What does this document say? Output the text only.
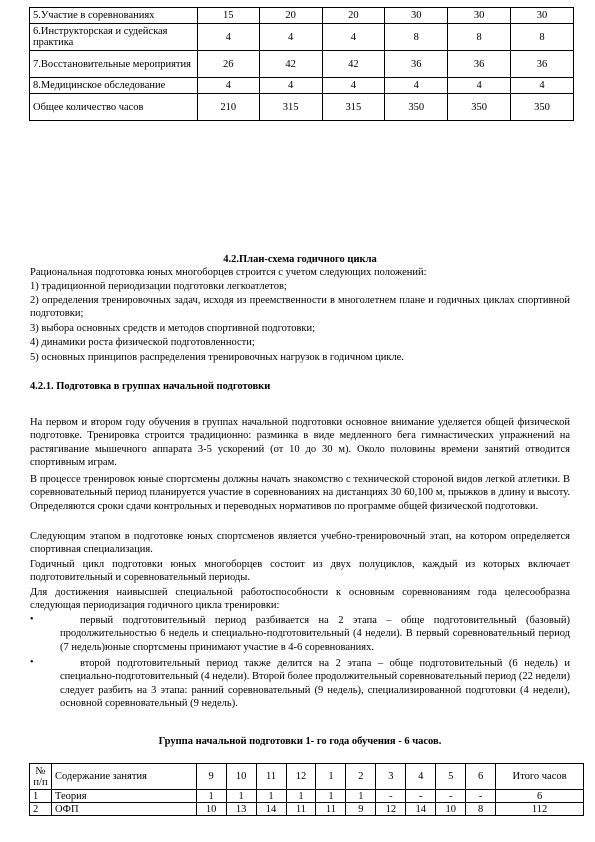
5.Участие в соревнованиях	15	20	20	30	30	30
6.Инструкторская и судейская практика	4	4	4	8	8	8
7.Восстановительные мероприятия	26	42	42	36	36	36
8.Медицинское обследование	4	4	4	4	4	4
Общее количество часов	210	315	315	350	350	350
4.2.План-схема годичного цикла
Рациональная подготовка юных многоборцев строится с учетом следующих положений:
1) традиционной периодизации подготовки легкоатлетов;
2) определения тренировочных задач, исходя из преемственности в многолетнем плане и годичных циклах спортивной подготовки;
3) выбора основных средств и методов спортивной подготовки;
4) динамики роста физической подготовленности;
5) основных принципов распределения тренировочных нагрузок в годичном цикле.
4.2.1. Подготовка в группах начальной подготовки
На первом и втором году обучения в группах начальной подготовки основное внимание уделяется общей физической подготовке. Тренировка строится традиционно: разминка в виде медленного бега гимнастических упражнений на растягивание мышечного аппарата 3-5 ускорений (от 10 до 30 м). Около половины времени занятий отводится спортивным играм.
В процессе тренировок юные спортсмены должны начать знакомство с технической стороной видов легкой атлетики. В соревновательный период планируется участие в соревнованиях на дистанциях 30 60,100 м, прыжков в длину и высоту. Определяются сроки сдачи контрольных и переводных нормативов по программе общей физической подготовки.
Следующим этапом в подготовке юных спортсменов является учебно-тренировочный этап, на котором определяется спортивная специализация.
Годичный цикл подготовки юных многоборцев состоит из двух полуциклов, каждый из которых включает подготовительный и соревновательный периоды.
Для достижения наивысшей специальной работоспособности к основным соревнованиям года целесообразна следующая периодизация годичного цикла тренировки:
•	первый подготовительный период разбивается на 2 этапа – обще подготовительный (базовый) продолжительностью 6 недель и специально-подготовительный (4 недели). В первый соревновательный период (7 недель)юные спортсмены принимают участие в 4-6 соревнованиях.
•	второй подготовительный период также делится на 2 этапа – обще подготовительный (6 недель) и специально-подготовительный (4 недели). Второй более продолжительный соревновательный период (22 недели) следует разбить на 3 этапа: ранний соревновательный (9 недель), специализированной подготовки (4 недели), основной соревновательный (9 недель).
Группа начальной подготовки 1- го года обучения - 6 часов.
№ п/п	Содержание занятия	9	10	11	12	1	2	3	4	5	6	Итого часов
1	Теория	1	1	1	1	1	1	-	-	-	-	6
2	ОФП	10	13	14	11	11	9	12	14	10	8	112
